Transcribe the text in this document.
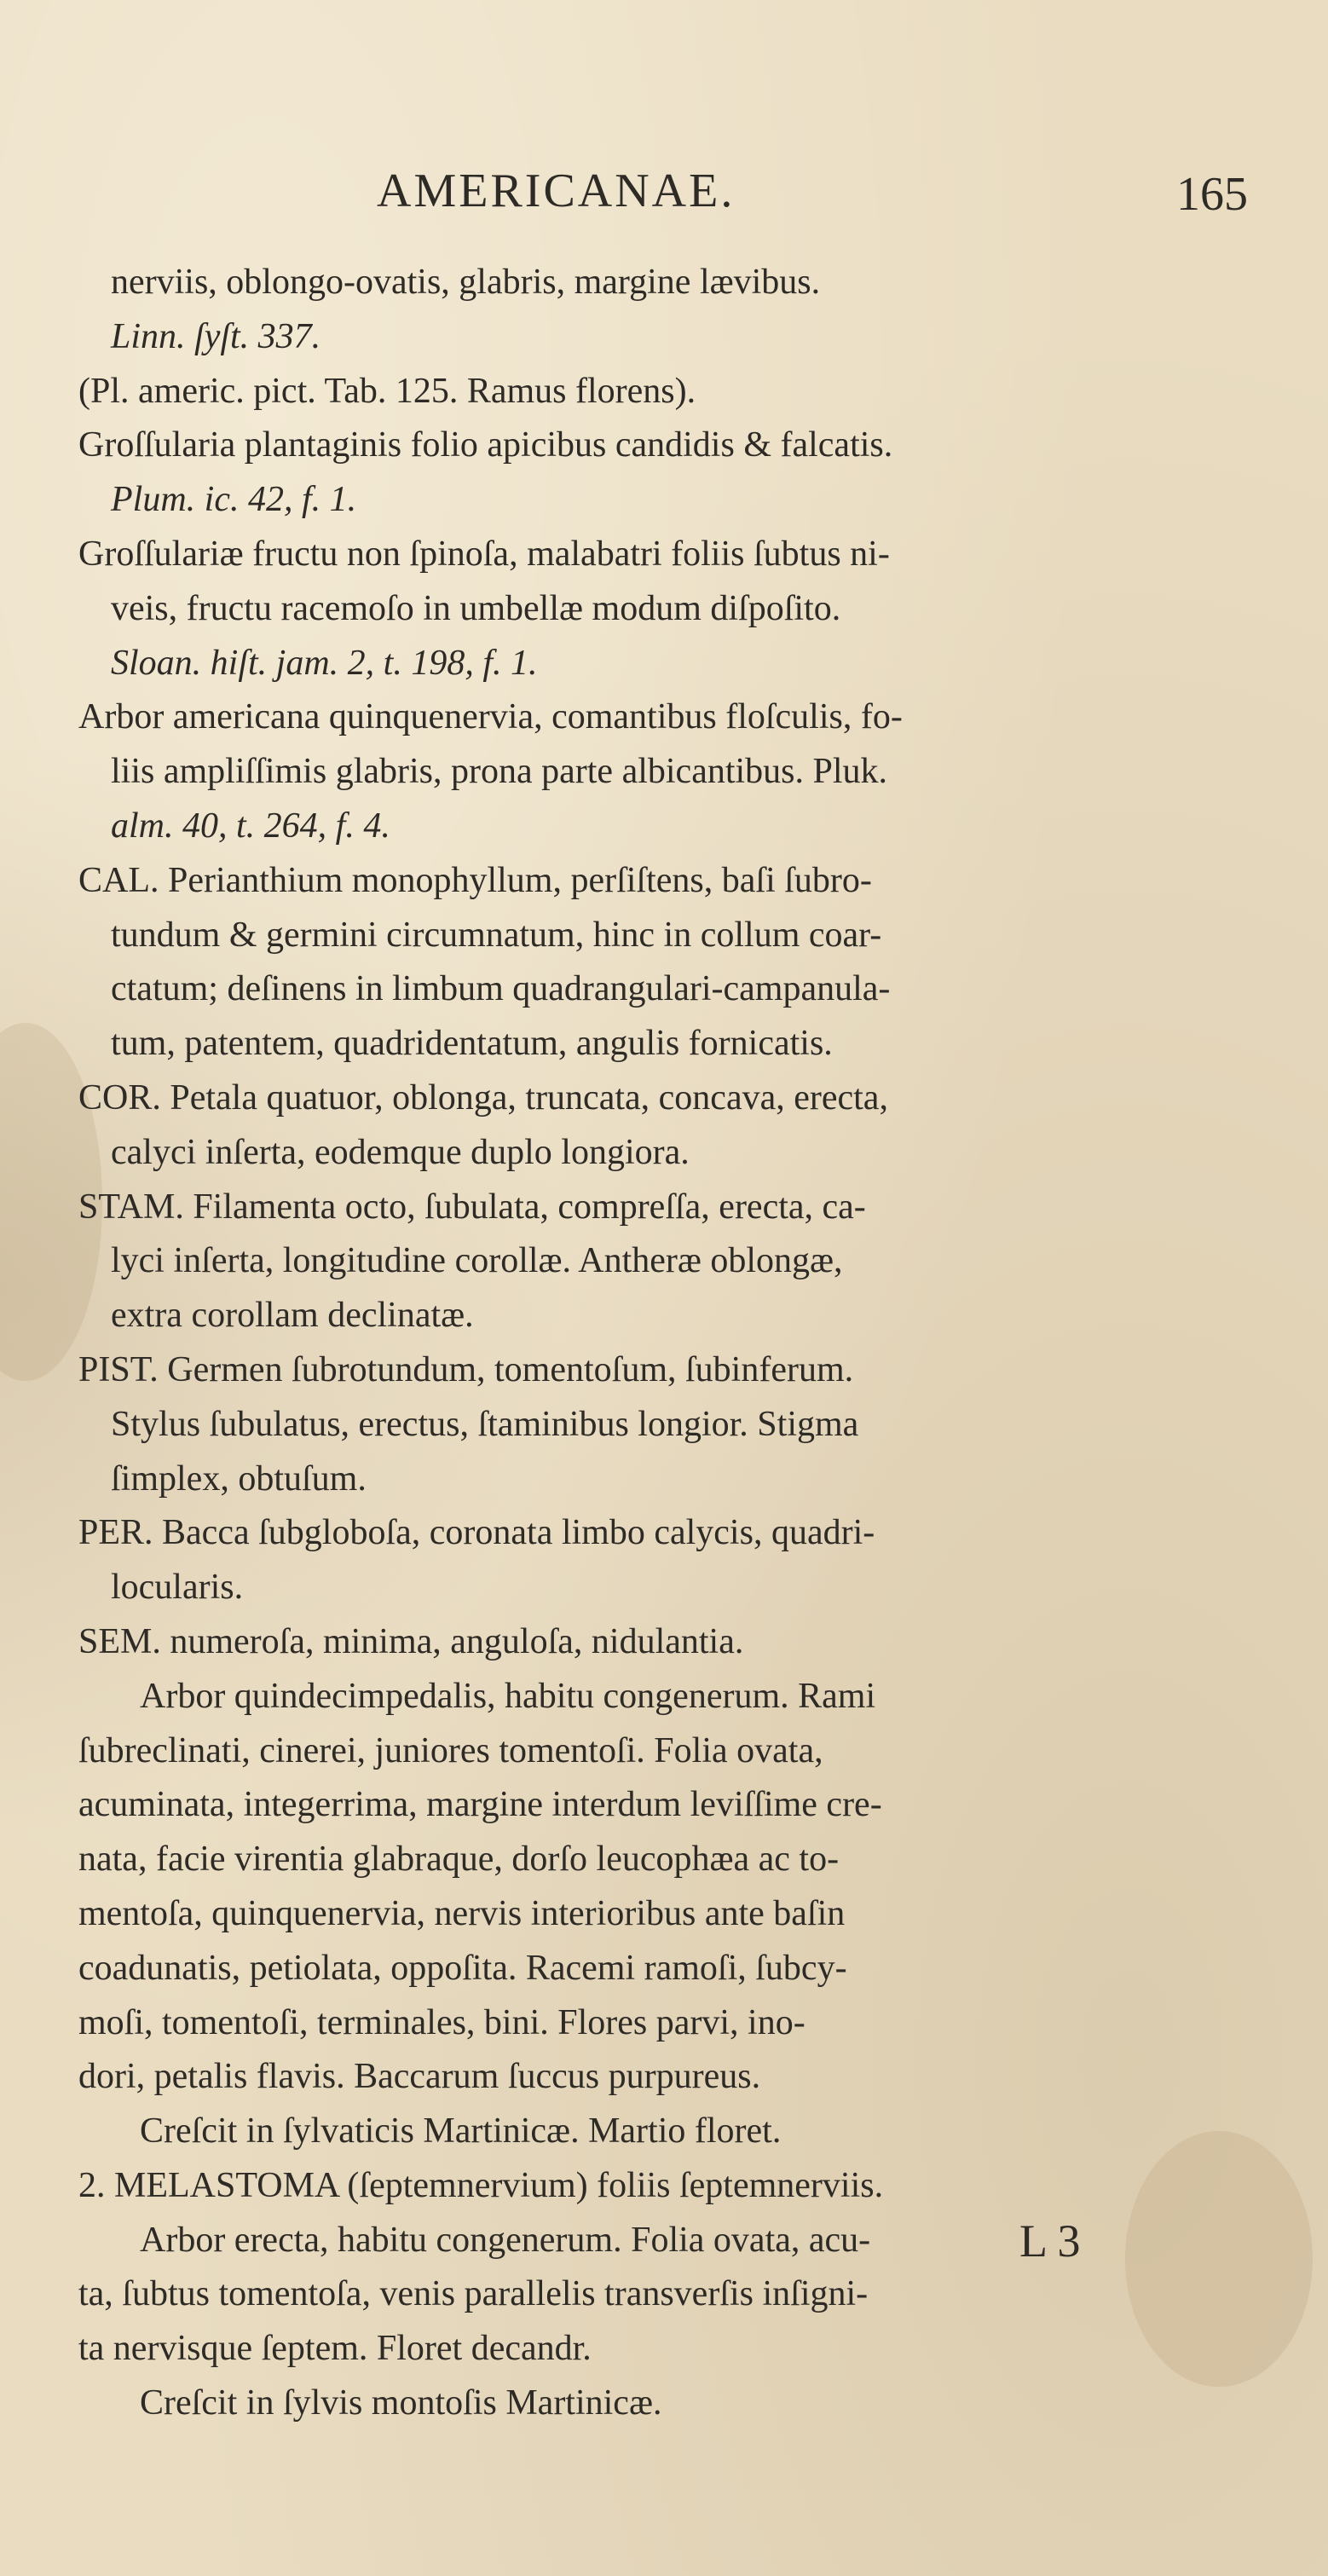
AMERICANAE.	165
nerviis, oblongo-ovatis, glabris, margine lævibus.
Linn. ſyſt. 337.
(Pl. americ. pict. Tab. 125. Ramus florens).
Groſſularia plantaginis folio apicibus candidis & falcatis.
Plum. ic. 42, f. 1.
Groſſulariæ fructu non ſpinoſa, malabatri foliis ſubtus ni-
veis, fructu racemoſo in umbellæ modum diſpoſito.
Sloan. hiſt. jam. 2, t. 198, f. 1.
Arbor americana quinquenervia, comantibus floſculis, fo-
liis ampliſſimis glabris, prona parte albicantibus. Pluk.
alm. 40, t. 264, f. 4.
CAL. Perianthium monophyllum, perſiſtens, baſi ſubro-
tundum & germini circumnatum, hinc in collum coar-
ctatum; deſinens in limbum quadrangulari-campanula-
tum, patentem, quadridentatum, angulis fornicatis.
COR. Petala quatuor, oblonga, truncata, concava, erecta,
calyci inſerta, eodemque duplo longiora.
STAM. Filamenta octo, ſubulata, compreſſa, erecta, ca-
lyci inſerta, longitudine corollæ. Antheræ oblongæ,
extra corollam declinatæ.
PIST. Germen ſubrotundum, tomentoſum, ſubinferum.
Stylus ſubulatus, erectus, ſtaminibus longior. Stigma
ſimplex, obtuſum.
PER. Bacca ſubgloboſa, coronata limbo calycis, quadri-
locularis.
SEM. numeroſa, minima, anguloſa, nidulantia.
Arbor quindecimpedalis, habitu congenerum. Rami
ſubreclinati, cinerei, juniores tomentoſi. Folia ovata,
acuminata, integerrima, margine interdum leviſſime cre-
nata, facie virentia glabraque, dorſo leucophæa ac to-
mentoſa, quinquenervia, nervis interioribus ante baſin
coadunatis, petiolata, oppoſita. Racemi ramoſi, ſubcy-
moſi, tomentoſi, terminales, bini. Flores parvi, ino-
dori, petalis flavis. Baccarum ſuccus purpureus.
Creſcit in ſylvaticis Martinicæ. Martio floret.
2. MELASTOMA (ſeptemnervium) foliis ſeptemnerviis.
Arbor erecta, habitu congenerum. Folia ovata, acu-
ta, ſubtus tomentoſa, venis parallelis transverſis inſigni-
ta nervisque ſeptem. Floret decandr.
Creſcit in ſylvis montoſis Martinicæ.
L 3
